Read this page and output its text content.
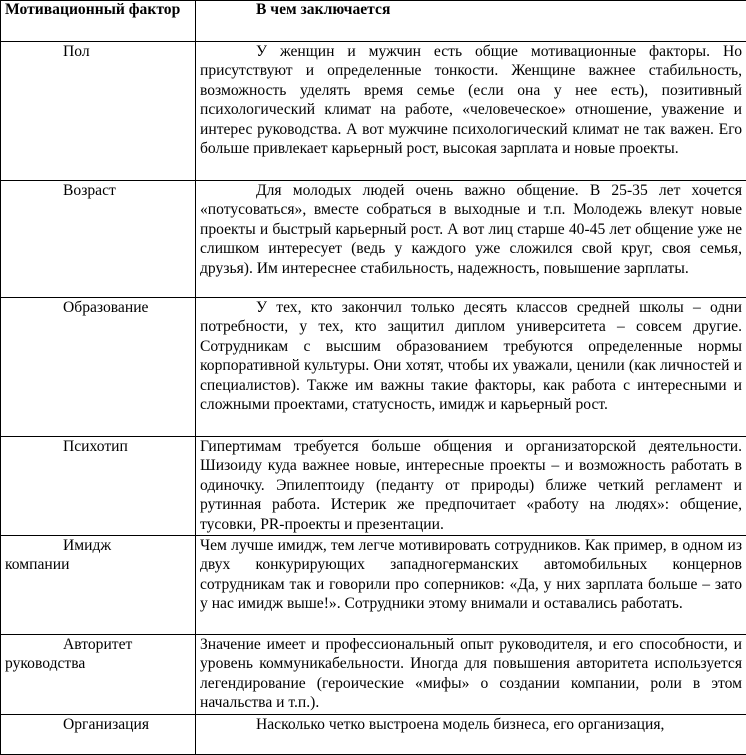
Мотивационный фактор	В чем заключается

Пол	У женщин и мужчин есть общие мотивационные факторы. Но присутствуют и определенные тонкости. Женщине важнее стабильность, возможность уделять время семье (если она у нее есть), позитивный психологический климат на работе, «человеческое» отношение, уважение и интерес руководства. А вот мужчине психологический климат не так важен. Его больше привлекает карьерный рост, высокая зарплата и новые проекты.

Возраст	Для молодых людей очень важно общение. В 25-35 лет хочется «потусоваться», вместе собраться в выходные и т.п. Молодежь влекут новые проекты и быстрый карьерный рост. А вот лиц старше 40-45 лет общение уже не слишком интересует (ведь у каждого уже сложился свой круг, своя семья, друзья). Им интереснее стабильность, надежность, повышение зарплаты.

Образование	У тех, кто закончил только десять классов средней школы – одни потребности, у тех, кто защитил диплом университета – совсем другие. Сотрудникам с высшим образованием требуются определенные нормы корпоративной культуры. Они хотят, чтобы их уважали, ценили (как личностей и специалистов). Также им важны такие факторы, как работа с интересными и сложными проектами, статусность, имидж и карьерный рост.

Психотип	Гипертимам требуется больше общения и организаторской деятельности. Шизоиду куда важнее новые, интересные проекты – и возможность работать в одиночку. Эпилептоиду (педанту от природы) ближе четкий регламент и рутинная работа. Истерик же предпочитает «работу на людях»: общение, тусовки, PR-проекты и презентации.

Имидж
компании	Чем лучше имидж, тем легче мотивировать сотрудников. Как пример, в одном из двух конкурирующих западногерманских автомобильных концернов сотрудникам так и говорили про соперников: «Да, у них зарплата больше – зато у нас имидж выше!». Сотрудники этому внимали и оставались работать.

Авторитет
руководства	Значение имеет и профессиональный опыт руководителя, и его способности, и уровень коммуникабельности. Иногда для повышения авторитета используется легендирование (героические «мифы» о создании компании, роли в этом начальства и т.п.).

Организация	Насколько четко выстроена модель бизнеса, его организация,
